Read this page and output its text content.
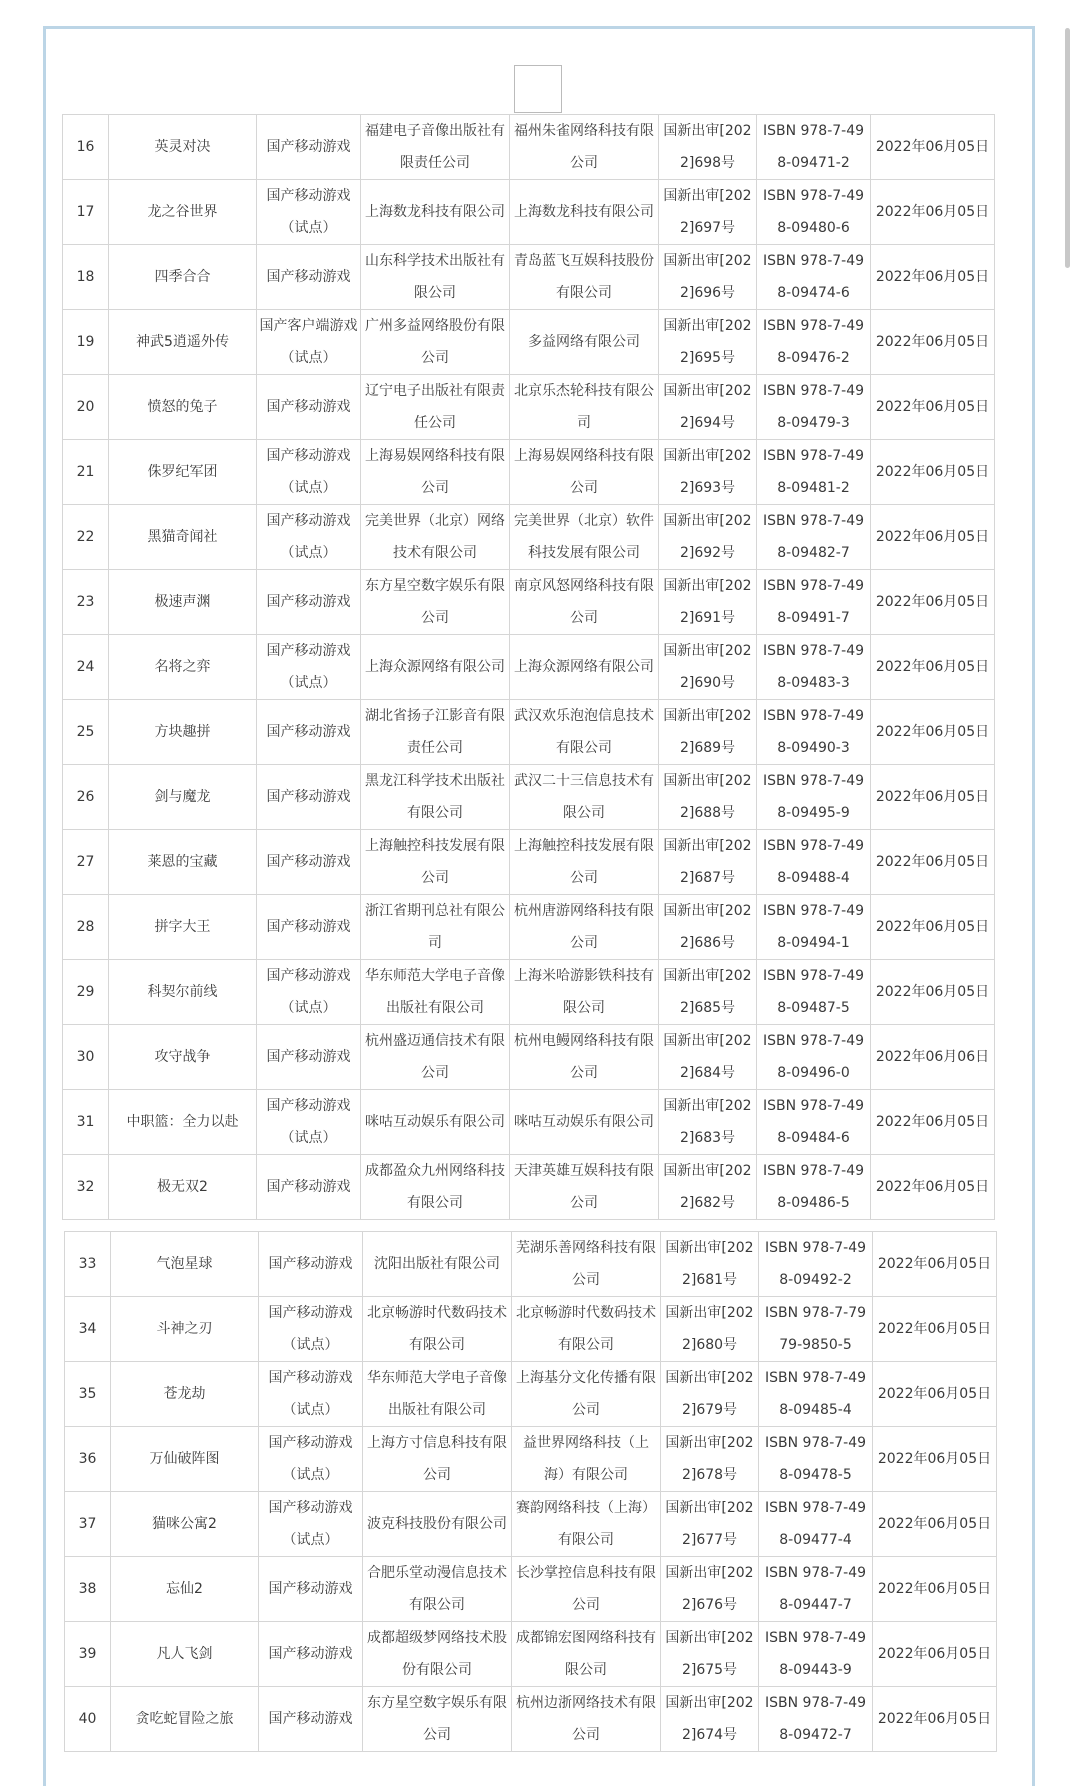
16	英灵对决	国产移动游戏	福建电子音像出版社有限责任公司	福州朱雀网络科技有限公司	国新出审[2022]698号	ISBN 978-7-498-09471-2	2022年06月05日
17	龙之谷世界	国产移动游戏（试点）	上海数龙科技有限公司	上海数龙科技有限公司	国新出审[2022]697号	ISBN 978-7-498-09480-6	2022年06月05日
18	四季合合	国产移动游戏	山东科学技术出版社有限公司	青岛蓝飞互娱科技股份有限公司	国新出审[2022]696号	ISBN 978-7-498-09474-6	2022年06月05日
19	神武5逍遥外传	国产客户端游戏（试点）	广州多益网络股份有限公司	多益网络有限公司	国新出审[2022]695号	ISBN 978-7-498-09476-2	2022年06月05日
20	愤怒的兔子	国产移动游戏	辽宁电子出版社有限责任公司	北京乐杰轮科技有限公司	国新出审[2022]694号	ISBN 978-7-498-09479-3	2022年06月05日
21	侏罗纪军团	国产移动游戏（试点）	上海易娱网络科技有限公司	上海易娱网络科技有限公司	国新出审[2022]693号	ISBN 978-7-498-09481-2	2022年06月05日
22	黑猫奇闻社	国产移动游戏（试点）	完美世界（北京）网络技术有限公司	完美世界（北京）软件科技发展有限公司	国新出审[2022]692号	ISBN 978-7-498-09482-7	2022年06月05日
23	极速声渊	国产移动游戏	东方星空数字娱乐有限公司	南京风怒网络科技有限公司	国新出审[2022]691号	ISBN 978-7-498-09491-7	2022年06月05日
24	名将之弈	国产移动游戏（试点）	上海众源网络有限公司	上海众源网络有限公司	国新出审[2022]690号	ISBN 978-7-498-09483-3	2022年06月05日
25	方块趣拼	国产移动游戏	湖北省扬子江影音有限责任公司	武汉欢乐泡泡信息技术有限公司	国新出审[2022]689号	ISBN 978-7-498-09490-3	2022年06月05日
26	剑与魔龙	国产移动游戏	黑龙江科学技术出版社有限公司	武汉二十三信息技术有限公司	国新出审[2022]688号	ISBN 978-7-498-09495-9	2022年06月05日
27	莱恩的宝藏	国产移动游戏	上海触控科技发展有限公司	上海触控科技发展有限公司	国新出审[2022]687号	ISBN 978-7-498-09488-4	2022年06月05日
28	拼字大王	国产移动游戏	浙江省期刊总社有限公司	杭州唐游网络科技有限公司	国新出审[2022]686号	ISBN 978-7-498-09494-1	2022年06月05日
29	科契尔前线	国产移动游戏（试点）	华东师范大学电子音像出版社有限公司	上海米哈游影铁科技有限公司	国新出审[2022]685号	ISBN 978-7-498-09487-5	2022年06月05日
30	攻守战争	国产移动游戏	杭州盛迈通信技术有限公司	杭州电鳗网络科技有限公司	国新出审[2022]684号	ISBN 978-7-498-09496-0	2022年06月06日
31	中职篮：全力以赴	国产移动游戏（试点）	咪咕互动娱乐有限公司	咪咕互动娱乐有限公司	国新出审[2022]683号	ISBN 978-7-498-09484-6	2022年06月05日
32	极无双2	国产移动游戏	成都盈众九州网络科技有限公司	天津英雄互娱科技有限公司	国新出审[2022]682号	ISBN 978-7-498-09486-5	2022年06月05日
33	气泡星球	国产移动游戏	沈阳出版社有限公司	芜湖乐善网络科技有限公司	国新出审[2022]681号	ISBN 978-7-498-09492-2	2022年06月05日
34	斗神之刃	国产移动游戏（试点）	北京畅游时代数码技术有限公司	北京畅游时代数码技术有限公司	国新出审[2022]680号	ISBN 978-7-7979-9850-5	2022年06月05日
35	苍龙劫	国产移动游戏（试点）	华东师范大学电子音像出版社有限公司	上海基分文化传播有限公司	国新出审[2022]679号	ISBN 978-7-498-09485-4	2022年06月05日
36	万仙破阵图	国产移动游戏（试点）	上海方寸信息科技有限公司	益世界网络科技（上海）有限公司	国新出审[2022]678号	ISBN 978-7-498-09478-5	2022年06月05日
37	猫咪公寓2	国产移动游戏（试点）	波克科技股份有限公司	赛韵网络科技（上海）有限公司	国新出审[2022]677号	ISBN 978-7-498-09477-4	2022年06月05日
38	忘仙2	国产移动游戏	合肥乐堂动漫信息技术有限公司	长沙掌控信息科技有限公司	国新出审[2022]676号	ISBN 978-7-498-09447-7	2022年06月05日
39	凡人飞剑	国产移动游戏	成都超级梦网络技术股份有限公司	成都锦宏图网络科技有限公司	国新出审[2022]675号	ISBN 978-7-498-09443-9	2022年06月05日
40	贪吃蛇冒险之旅	国产移动游戏	东方星空数字娱乐有限公司	杭州边浙网络技术有限公司	国新出审[2022]674号	ISBN 978-7-498-09472-7	2022年06月05日
